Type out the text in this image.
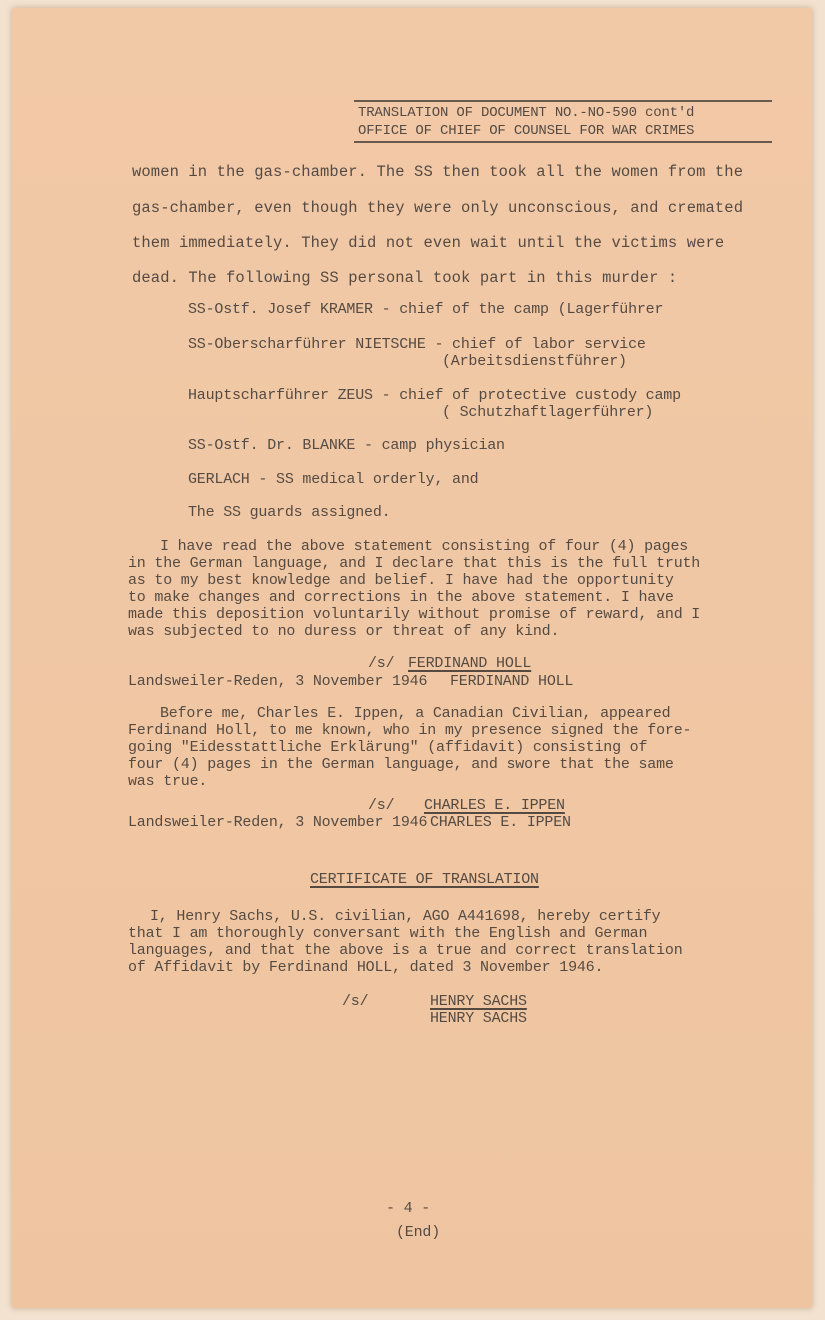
TRANSLATION OF DOCUMENT NO.-NO-590 cont'd
OFFICE OF CHIEF OF COUNSEL FOR WAR CRIMES
women in the gas-chamber. The SS then took all the women from the
gas-chamber, even though they were only unconscious, and cremated
them immediately. They did not even wait until the victims were
dead. The following SS personal took part in this murder :
SS-Ostf. Josef KRAMER - chief of the camp (Lagerführer
SS-Oberscharführer NIETSCHE - chief of labor service
(Arbeitsdienstführer)
Hauptscharführer ZEUS - chief of protective custody camp
( Schutzhaftlagerführer)
SS-Ostf. Dr. BLANKE - camp physician
GERLACH - SS medical orderly, and
The SS guards assigned.
I have read the above statement consisting of four (4) pages
in the German language, and I declare that this is the full truth
as to my best knowledge and belief. I have had the opportunity
to make changes and corrections in the above statement. I have
made this deposition voluntarily without promise of reward, and I
was subjected to no duress or threat of any kind.
/s/ FERDINAND HOLL
Landsweiler-Reden, 3 November 1946 FERDINAND HOLL
Before me, Charles E. Ippen, a Canadian Civilian, appeared
Ferdinand Holl, to me known, who in my presence signed the fore-
going "Eidesstattliche Erklärung" (affidavit) consisting of
four (4) pages in the German language, and swore that the same
was true.
/s/ CHARLES E. IPPEN
Landsweiler-Reden, 3 November 1946 CHARLES E. IPPEN
CERTIFICATE OF TRANSLATION
I, Henry Sachs, U.S. civilian, AGO A441698, hereby certify
that I am thoroughly conversant with the English and German
languages, and that the above is a true and correct translation
of Affidavit by Ferdinand HOLL, dated 3 November 1946.
/s/	HENRY SACHS
HENRY SACHS
- 4 -
(End)
